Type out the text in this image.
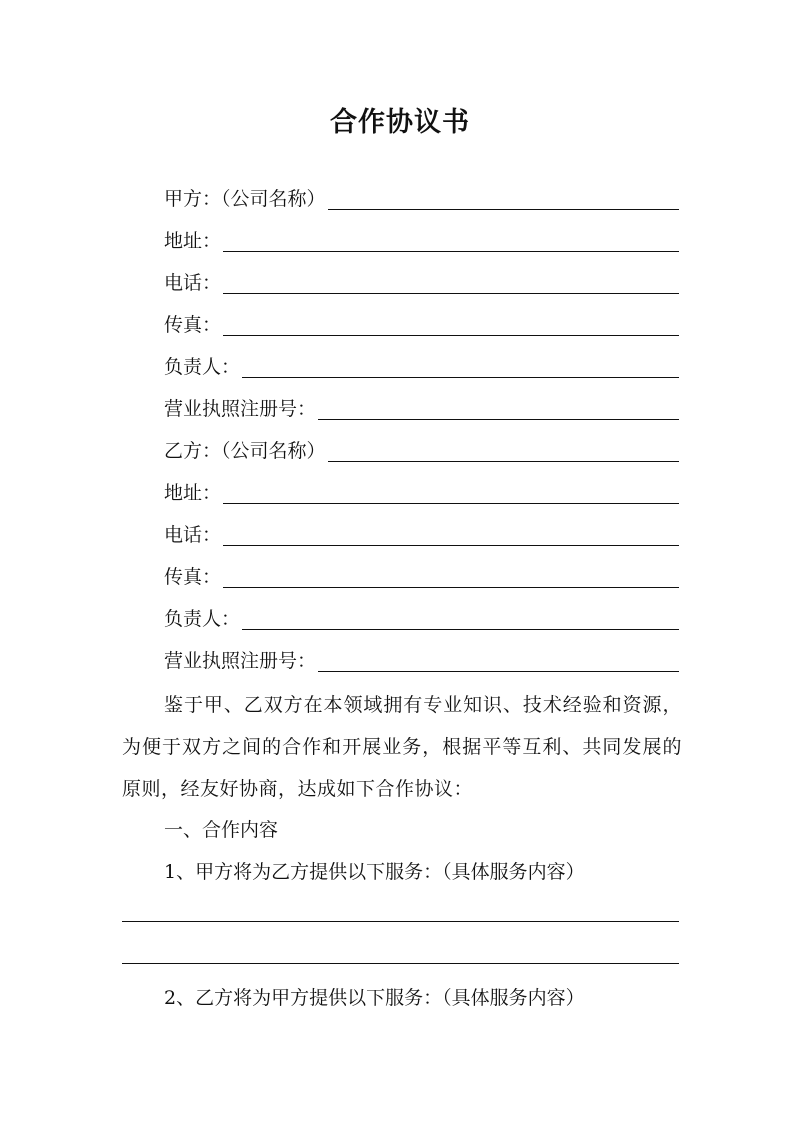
合作协议书
甲方：（公司名称）
地址：
电话：
传真：
负责人：
营业执照注册号：
乙方：（公司名称）
地址：
电话：
传真：
负责人：
营业执照注册号：
鉴于甲、乙双方在本领域拥有专业知识、技术经验和资源，为便于双方之间的合作和开展业务，根据平等互利、共同发展的原则，经友好协商，达成如下合作协议：
一、合作内容
1、甲方将为乙方提供以下服务：（具体服务内容）
2、乙方将为甲方提供以下服务：（具体服务内容）
